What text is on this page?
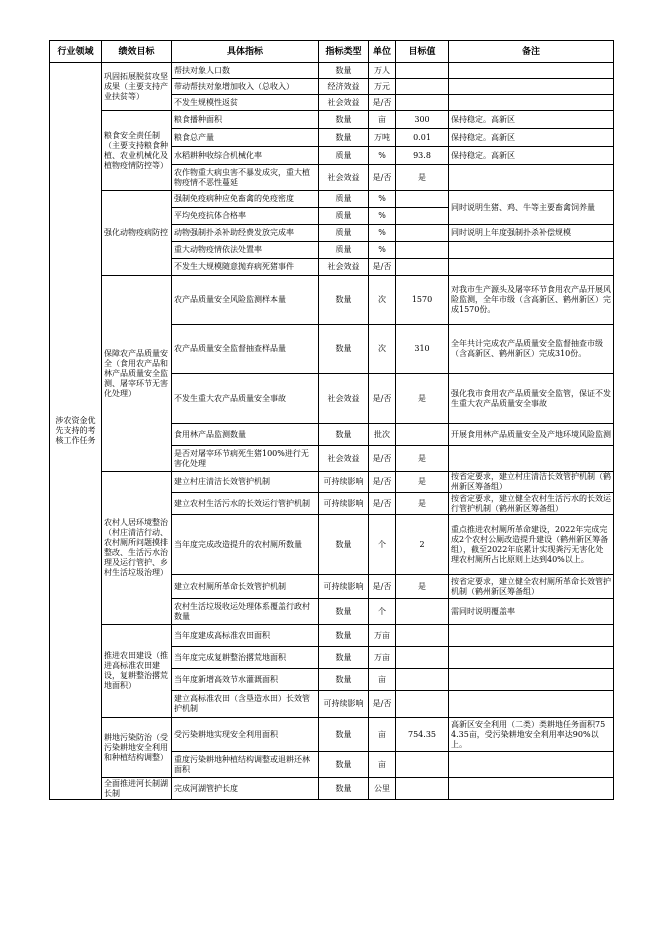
行业领域	绩效目标	具体指标	指标类型	单位	目标值	备注
涉农资金优先支持的考核工作任务	巩固拓展脱贫攻坚成果（主要支持产业扶贫等）	帮扶对象人口数	数量	万人		
		带动帮扶对象增加收入（总收入）	经济效益	万元		
		不发生规模性返贫	社会效益	是/否		
	粮食安全责任制（主要支持粮食种植、农业机械化及植物疫情防控等）	粮食播种面积	数量	亩	300	保持稳定。高新区
		粮食总产量	数量	万吨	0.01	保持稳定。高新区
		水稻耕种收综合机械化率	质量	%	93.8	保持稳定。高新区
		农作物重大病虫害不暴发成灾，重大植物疫情不恶性蔓延	社会效益	是/否	是	
	强化动物疫病防控	强制免疫病种应免畜禽的免疫密度	质量	%		同时说明生猪、鸡、牛等主要畜禽饲养量
		平均免疫抗体合格率	质量	%		
		动物强制扑杀补助经费发放完成率	质量	%		同时说明上年度强制扑杀补偿规模
		重大动物疫情依法处置率	质量	%		
		不发生大规模随意抛弃病死猪事件	社会效益	是/否		
	保障农产品质量安全（食用农产品和林产品质量安全监测、屠宰环节无害化处理）	农产品质量安全风险监测样本量	数量	次	1570	对我市生产源头及屠宰环节食用农产品开展风险监测，全年市级（含高新区、鹤州新区）完成1570份。
		农产品质量安全监督抽查样品量	数量	次	310	全年共计完成农产品质量安全监督抽查市级（含高新区、鹤州新区）完成310份。
		不发生重大农产品质量安全事故	社会效益	是/否	是	强化我市食用农产品质量安全监管，保证不发生重大农产品质量安全事故
		食用林产品监测数量	数量	批次		开展食用林产品质量安全及产地环境风险监测
		是否对屠宰环节病死生猪100%进行无害化处理	社会效益	是/否	是	
	农村人居环境整治（村庄清洁行动、农村厕所问题摸排整改、生活污水治理及运行管护、乡村生活垃圾治理）	建立村庄清洁长效管护机制	可持续影响	是/否	是	按省定要求，建立村庄清洁长效管护机制（鹤州新区筹备组）
		建立农村生活污水的长效运行管护机制	可持续影响	是/否	是	按省定要求，建立健全农村生活污水的长效运行管护机制（鹤州新区筹备组）
		当年度完成改造提升的农村厕所数量	数量	个	2	重点推进农村厕所革命建设，2022年完成完成2个农村公厕改造提升建设（鹤州新区筹备组），截至2022年底累计实现粪污无害化处理农村厕所占比原则上达到40%以上。
		建立农村厕所革命长效管护机制	可持续影响	是/否	是	按省定要求，建立健全农村厕所革命长效管护机制（鹤州新区筹备组）
		农村生活垃圾收运处理体系覆盖行政村数量	数量	个		需同时说明覆盖率
	推进农田建设（推进高标准农田建设，复耕整治撂荒地面积）	当年度建成高标准农田面积	数量	万亩		
		当年度完成复耕整治撂荒地面积	数量	万亩		
		当年度新增高效节水灌溉面积	数量	亩		
		建立高标准农田（含垦造水田）长效管护机制	可持续影响	是/否		
	耕地污染防治（受污染耕地安全利用和种植结构调整）	受污染耕地实现安全利用面积	数量	亩	754.35	高新区安全利用（二类）类耕地任务面积754.35亩，受污染耕地安全利用率达90%以上。
		重度污染耕地种植结构调整或退耕还林面积	数量	亩		
	全面推进河长制湖长制	完成河湖管护长度	数量	公里		
